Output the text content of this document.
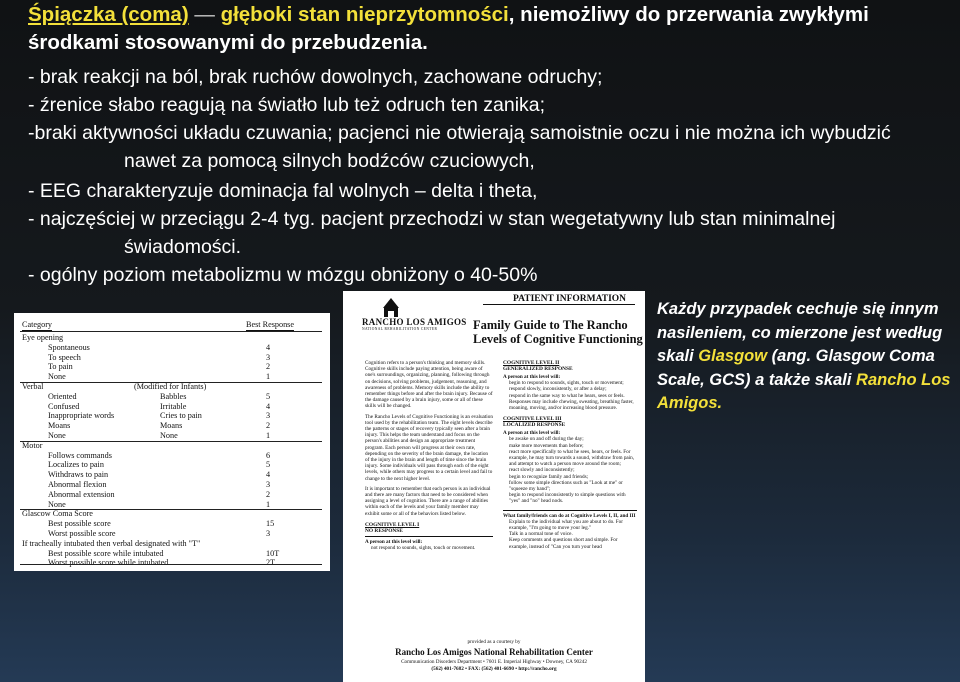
Śpiączka (coma) — głęboki stan nieprzytomności, niemożliwy do przerwania zwykłymi
środkami stosowanymi do przebudzenia.
- brak reakcji na ból, brak ruchów dowolnych, zachowane odruchy;
- źrenice słabo reagują na światło lub też odruch ten zanika;
-braki aktywności układu czuwania; pacjenci nie otwierają samoistnie oczu i nie można ich wybudzić
nawet za pomocą silnych bodźców czuciowych,
- EEG charakteryzuje dominacja fal wolnych – delta i theta,
- najczęściej w przeciągu 2-4 tyg. pacjent przechodzi w stan wegetatywny lub stan minimalnej
świadomości.
- ogólny poziom metabolizmu w mózgu obniżony o 40-50%
Category	Best Response
Eye opening
Spontaneous	4
To speech	3
To pain	2
None	1
Verbal	(Modified for Infants)
Oriented	Babbles	5
Confused	Irritable	4
Inappropriate words	Cries to pain	3
Moans	Moans	2
None	None	1
Motor
Follows commands	6
Localizes to pain	5
Withdraws to pain	4
Abnormal flexion	3
Abnormal extension	2
None	1
Glascow Coma Score
Best possible score	15
Worst possible score	3
If tracheally intubated then verbal designated with "T"
Best possible score while intubated	10T
Worst possible score while intubated	2T
RANCHO LOS AMIGOS
NATIONAL REHABILITATION CENTER
PATIENT INFORMATION
Family Guide to The Rancho
Levels of Cognitive Functioning

Cognition refers to a person's thinking and memory skills. Cognitive skills include paying attention, being aware of one's surroundings, organizing, planning, following through on decisions, solving problems, judgement, reasoning, and awareness of problems. Memory skills include the ability to remember things before and after the brain injury. Because of the damage caused by a brain injury, some or all of these skills will be changed.

The Rancho Levels of Cognitive Functioning is an evaluation tool used by the rehabilitation team. The eight levels describe the patterns or stages of recovery typically seen after a brain injury. This helps the team understand and focus on the person's abilities and design an appropriate treatment program. Each person will progress at their own rate, depending on the severity of the brain damage, the location of the injury in the brain and length of time since the brain injury. Some individuals will pass through each of the eight levels, while others may progress to a certain level and fail to change to the next higher level.

It is important to remember that each person is an individual and there are many factors that need to be considered when assigning a level of cognition. There are a range of abilities within each of the levels and your family member may exhibit some or all of the behaviors listed below.

COGNITIVE LEVEL I
NO RESPONSE
A person at this level will:
not respond to sounds, sights, touch or movement.
COGNITIVE LEVEL II
GENERALIZED RESPONSE
A person at this level will:
begin to respond to sounds, sights, touch or movement;
respond slowly, inconsistently, or after a delay;
respond in the same way to what he hears, sees or feels. Responses may include chewing, sweating, breathing faster, moaning, moving, and/or increasing blood pressure.
COGNITIVE LEVEL III
LOCALIZED RESPONSE
A person at this level will:
be awake on and off during the day;
make more movements than before;
react more specifically to what he sees, hears, or feels. For example, he may turn towards a sound, withdraw from pain, and attempt to watch a person move around the room;
react slowly and inconsistently;
begin to recognize family and friends;
follow some simple directions such as "Look at me" or "squeeze my hand";
begin to respond inconsistently to simple questions with "yes" and "no" head nods.
What family/friends can do at Cognitive Levels I, II, and III
Explain to the individual what you are about to do. For example, "I'm going to move your leg."
Talk in a normal tone of voice.
Keep comments and questions short and simple. For example, instead of "Can you turn your head
provided as a courtesy by
Rancho Los Amigos National Rehabilitation Center
Communication Disorders Department • 7601 E. Imperial Highway • Downey, CA 90242
(562) 401-7682 • FAX: (562) 401-6690 • http://rancho.org
Każdy przypadek cechuje się innym nasileniem, co mierzone jest według skali Glasgow (ang. Glasgow Coma Scale, GCS) a także skali Rancho Los Amigos.
